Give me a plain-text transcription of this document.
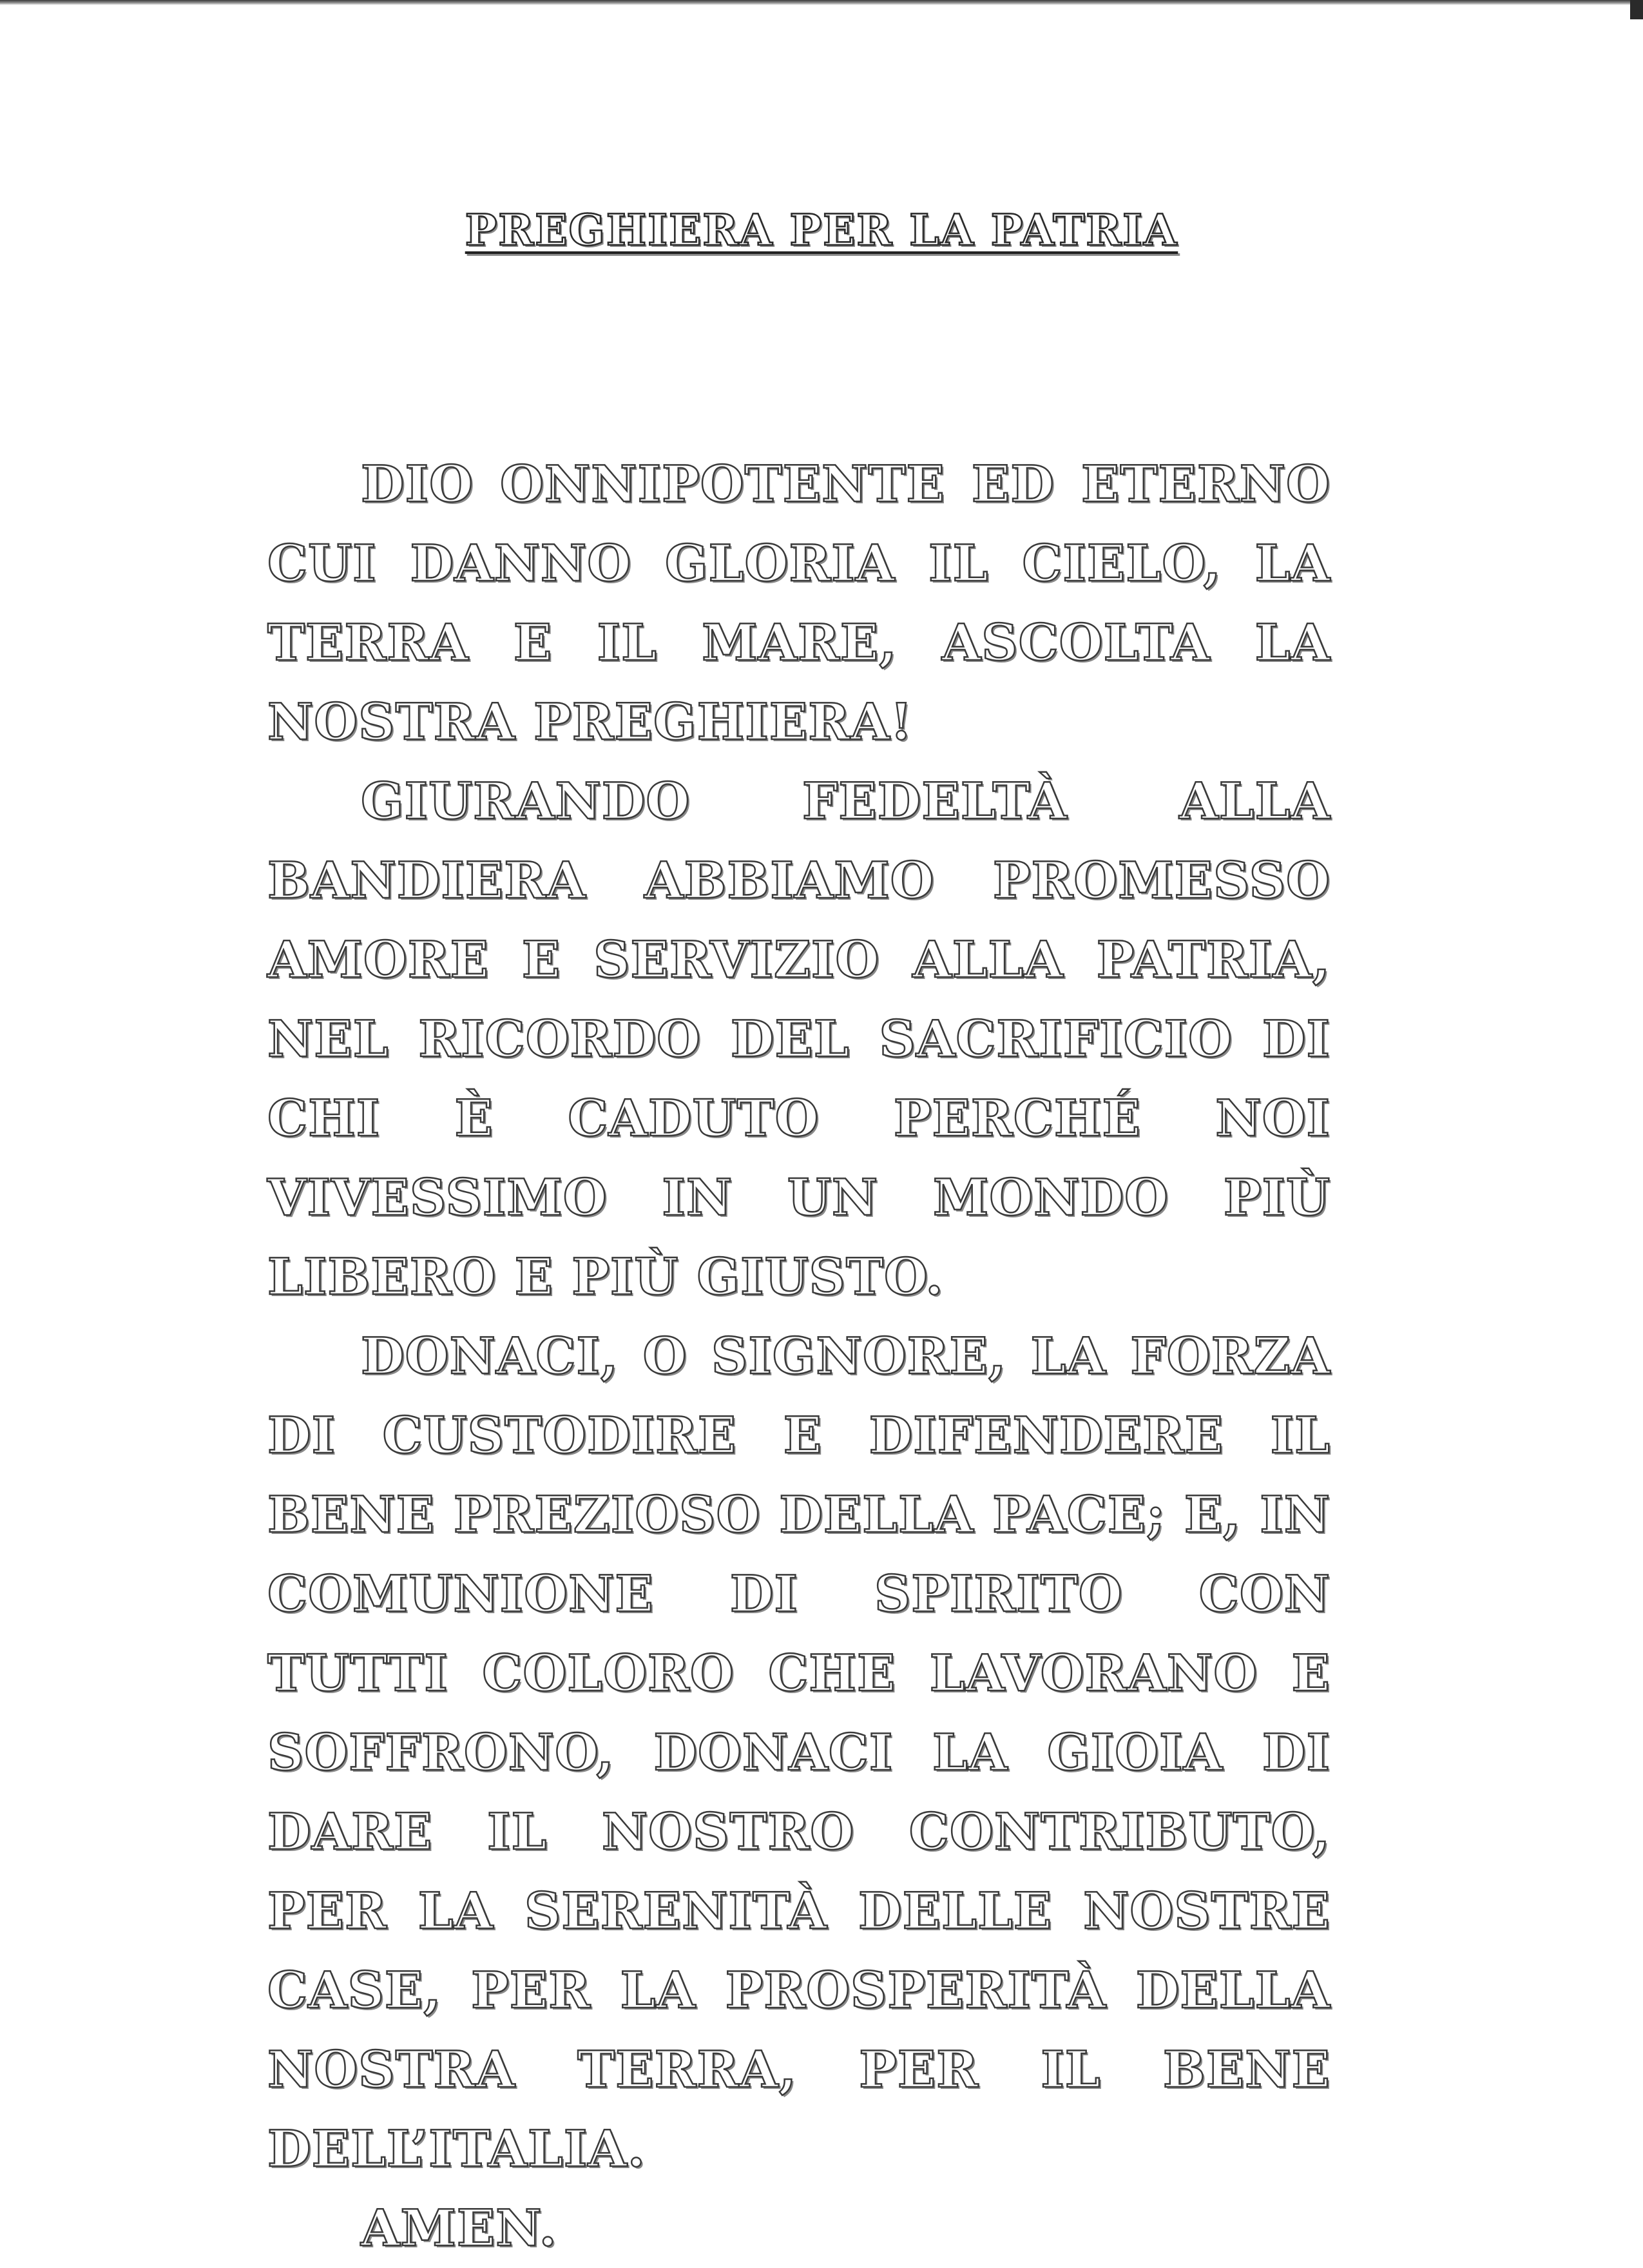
PREGHIERA PER LA PATRIA

DIO ONNIPOTENTE ED ETERNO CUI DANNO GLORIA IL CIELO, LA TERRA E IL MARE, ASCOLTA LA NOSTRA PREGHIERA!

GIURANDO FEDELTÀ ALLA BANDIERA ABBIAMO PROMESSO AMORE E SERVIZIO ALLA PATRIA, NEL RICORDO DEL SACRIFICIO DI CHI È CADUTO PERCHÉ NOI VIVESSIMO IN UN MONDO PIÙ LIBERO E PIÙ GIUSTO.

DONACI, O SIGNORE, LA FORZA DI CUSTODIRE E DIFENDERE IL BENE PREZIOSO DELLA PACE; E, IN COMUNIONE DI SPIRITO CON TUTTI COLORO CHE LAVORANO E SOFFRONO, DONACI LA GIOIA DI DARE IL NOSTRO CONTRIBUTO, PER LA SERENITÀ DELLE NOSTRE CASE, PER LA PROSPERITÀ DELLA NOSTRA TERRA, PER IL BENE DELL’ITALIA.

AMEN.
